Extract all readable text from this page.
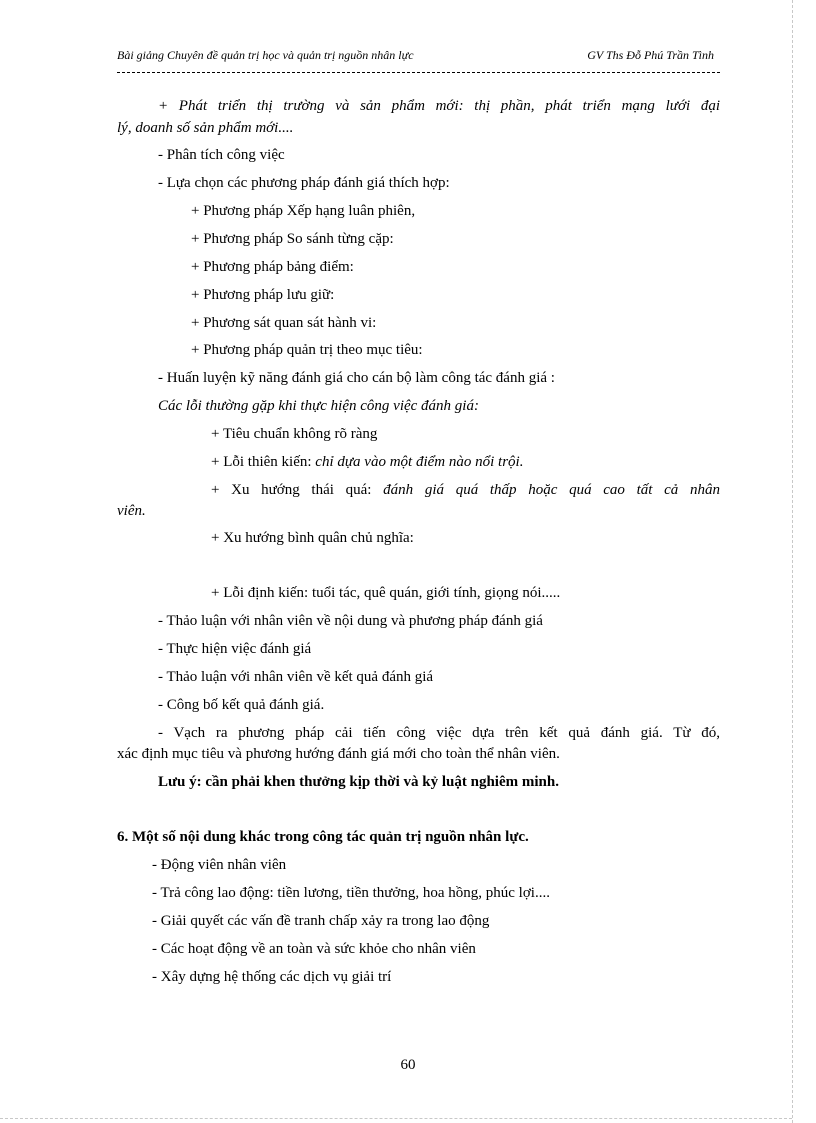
Bài giảng Chuyên đề quản trị học và quản trị nguồn nhân lực	GV Ths Đỗ Phú Trần Tình
+ Phát triển thị trường và sản phẩm mới: thị phần, phát triển mạng lưới đại
lý, doanh số sản phẩm mới....
- Phân tích công việc
- Lựa chọn các phương pháp đánh giá thích hợp:
+ Phương pháp Xếp hạng luân phiên,
+ Phương pháp So sánh từng cặp:
+ Phương pháp bảng điểm:
+ Phương pháp lưu giữ:
+ Phương sát quan sát hành vi:
+ Phương pháp quản trị theo mục tiêu:
- Huấn luyện kỹ năng đánh giá cho cán bộ làm công tác đánh giá :
Các lỗi thường gặp khi thực hiện công việc đánh giá:
+ Tiêu chuẩn không rõ ràng
+ Lỗi thiên kiến: chỉ dựa vào một điểm nào nổi trội.
+ Xu hướng thái quá: đánh giá quá thấp hoặc quá cao tất cả nhân
viên.
+ Xu hướng bình quân chủ nghĩa:
+ Lỗi định kiến: tuổi tác, quê quán, giới tính, giọng nói.....
- Thảo luận với nhân viên về nội dung và phương pháp đánh giá
- Thực hiện việc đánh giá
- Thảo luận với nhân viên về kết quả đánh giá
- Công bố kết quả đánh giá.
- Vạch ra phương pháp cải tiến công việc dựa trên kết quả đánh giá. Từ đó,
xác định mục tiêu và phương hướng đánh giá mới cho toàn thể nhân viên.
Lưu ý: cần phải khen thưởng kịp thời và kỷ luật nghiêm minh.
6. Một số nội dung khác trong công tác quản trị nguồn nhân lực.
- Động viên nhân viên
- Trả công lao động: tiền lương, tiền thưởng, hoa hồng, phúc lợi....
- Giải quyết các vấn đề tranh chấp xảy ra trong lao động
- Các hoạt động về an toàn và sức khỏe cho nhân viên
- Xây dựng hệ thống các dịch vụ giải trí
60
